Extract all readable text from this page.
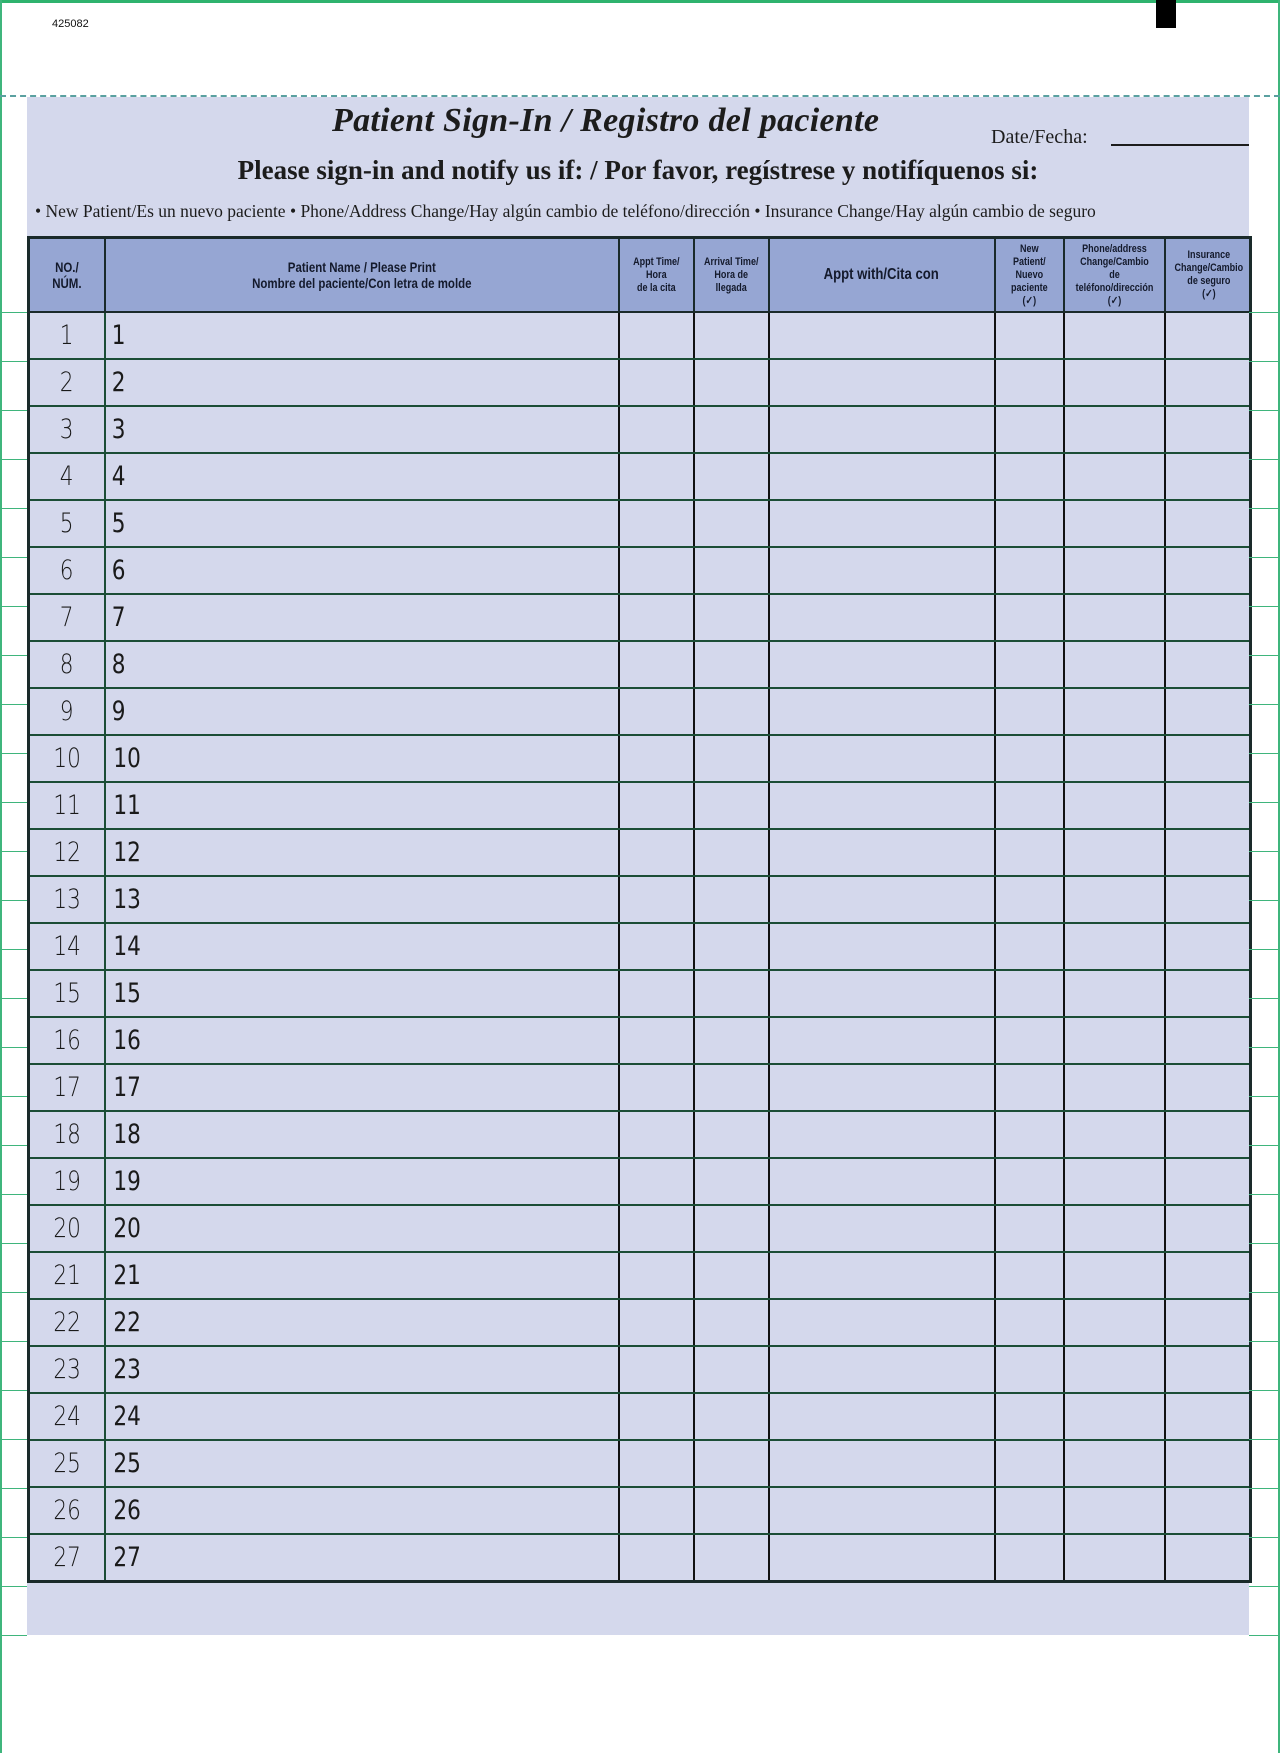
425082
Patient Sign-In / Registro del paciente	Date/Fecha:
Please sign-in and notify us if: / Por favor, regístrese y notifíquenos si:
• New Patient/Es un nuevo paciente • Phone/Address Change/Hay algún cambio de teléfono/dirección • Insurance Change/Hay algún cambio de seguro
NO./
NÚM.	Patient Name / Please Print
Nombre del paciente/Con letra de molde	Appt Time/
Hora
de la cita	Arrival Time/
Hora de
llegada	Appt with/Cita con	New
Patient/
Nuevo
paciente
(✓)	Phone/address
Change/Cambio de
teléfono/dirección
(✓)	Insurance
Change/Cambio
de seguro
(✓)
1	1						
2	2						
3	3						
4	4						
5	5						
6	6						
7	7						
8	8						
9	9						
10	10						
11	11						
12	12						
13	13						
14	14						
15	15						
16	16						
17	17						
18	18						
19	19						
20	20						
21	21						
22	22						
23	23						
24	24						
25	25						
26	26						
27	27						
